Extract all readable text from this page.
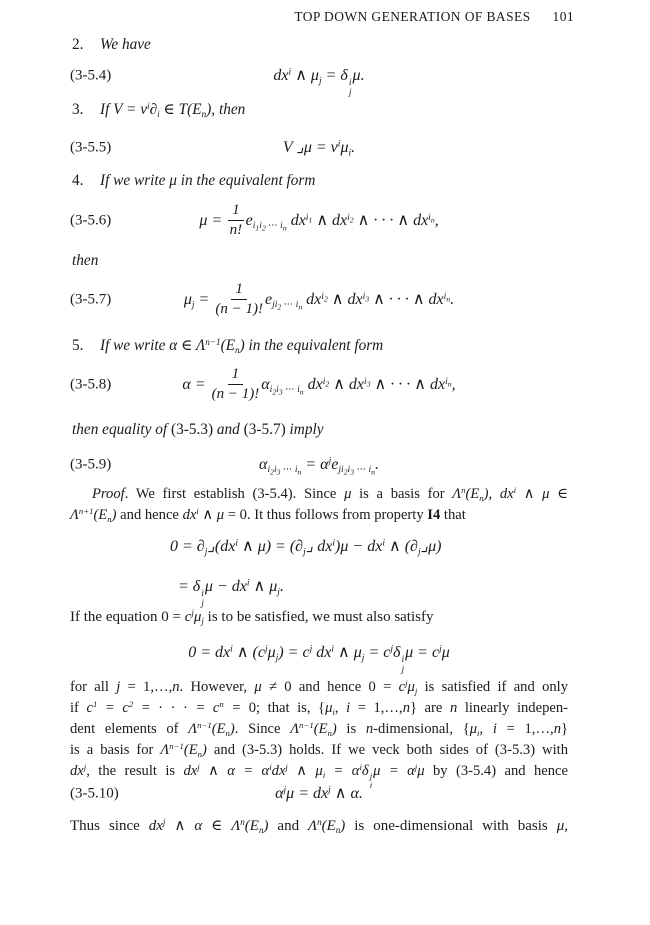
TOP DOWN GENERATION OF BASES 101
2. We have
(3-5.4)	$dx^i$ ∧ $\mu_j = \delta$ i
j
μ.
3. If $V = v^i\partial_i$ ∈ $T(E_n)$, then
(3-5.5)	V ⌟μ = $v^i\mu_i$.
4. If we write μ in the equivalent form
(3-5.6)	$\mu = \frac{1}{n!} e_{i_1i_2 \cdots i_n}$ $dx^{i_1}$ ∧ $dx^{i_2}$ ∧ · · · ∧ $dx^{i_n}$,
then
(3-5.7)	$\mu_j = \frac{1}{(n - 1)!} e_{ji_2 \cdots i_n}$ $dx^{i_2}$ ∧ $dx^{i_3}$ ∧ · · · ∧ $dx^{i_n}$.
5. If we write α ∈ $\Lambda^{n-1}(E_n)$ in the equivalent form
(3-5.8)	$\alpha = \frac{1}{(n - 1)!} \alpha_{i_2i_3 \cdots i_n}$ $dx^{i_2}$ ∧ $dx^{i_3}$ ∧ · · · ∧ $dx^{i_n}$,
then equality of (3-5.3) and (3-5.7) imply
(3-5.9)	$\alpha_{i_2i_3 \cdots i_n} = \alpha^je_{ji_2i_3 \cdots i_n}$.
Proof. We first establish (3-5.4). Since μ is a basis for $\Lambda^n(E_n)$, $dx^i$ ∧ μ ∈
$\Lambda^{n+1}(E_n)$ and hence $dx^i$ ∧ μ = 0. It thus follows from property I4 that
$0 = \partial_j⌟(dx^i$ ∧ $\mu) = (\partial_j⌟$ $dx^i)\mu - dx^i$ ∧ $(\partial_j⌟\mu)$
= δ i
j
$\mu - dx^i$ ∧ $\mu_j$.
If the equation $0 = c^j\mu_j$ is to be satisfied, we must also satisfy
$0 = dx^i$ ∧ $(c^j\mu_j) = c^j$ $dx^i$ ∧ $\mu_j = c^j\delta$ i
j
$\mu = c^j\mu$
for all j = 1,…,n. However, μ ≠ 0 and hence $0 = c^j\mu_j$ is satisfied if and only
if $c^1 = c^2$ = · · · = $c^n = 0$; that is, {$\mu_i$, i = 1,…,n} are n linearly indepen-
dent elements of $\Lambda^{n-1}(E_n)$. Since $\Lambda^{n-1}(E_n)$ is n-dimensional, {$\mu_i$, i = 1,…,n}
is a basis for $\Lambda^{n-1}(E_n)$ and (3-5.3) holds. If we veck both sides of (3-5.3) with
$dx^j$, the result is $dx^j$ ∧ $\alpha = \alpha^idx^j$ ∧ $\mu_i = \alpha^i\delta$ j
i
$\mu = \alpha^j\mu$ by (3-5.4) and hence
(3-5.10)	$\alpha^j\mu = dx^j$ ∧ α.
Thus since $dx^j$ ∧ α ∈ $\Lambda^n(E_n)$ and $\Lambda^n(E_n)$ is one-dimensional with basis μ,
